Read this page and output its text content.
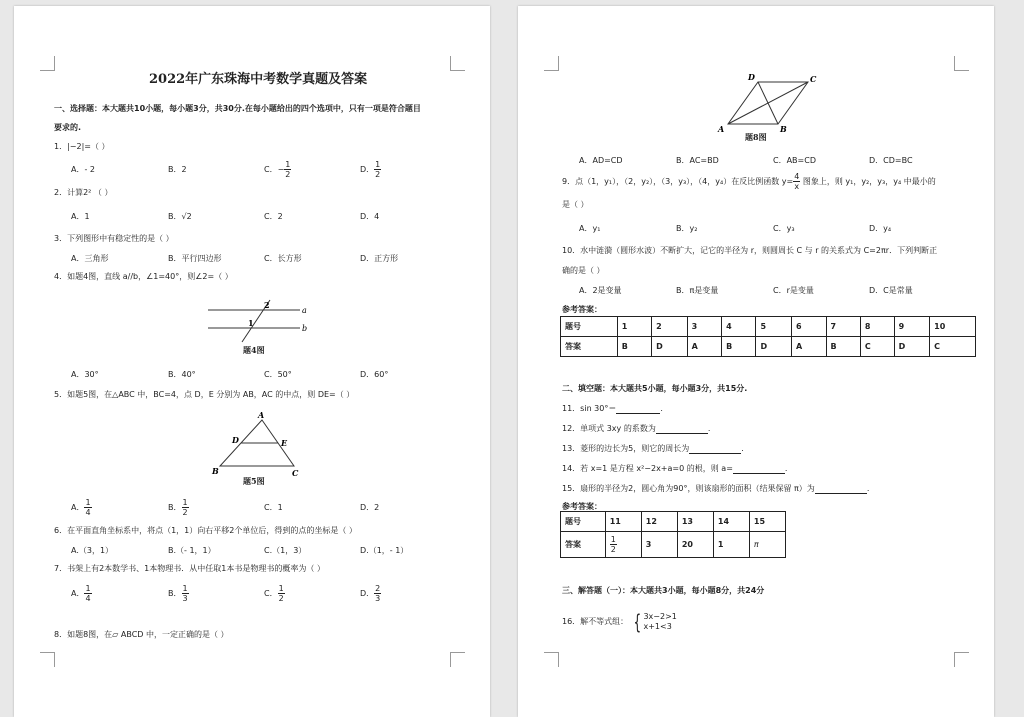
2022年广东珠海中考数学真题及答案
一、选择题：本大题共10小题，每小题3分，共30分.在每小题给出的四个选项中，只有一项是符合题目
要求的.
1．|−2|=（ ）
A．- 2	B．2	C．− $\frac{1}{2}$	D． $\frac{1}{2}$
2．计算2² （ ）
A．1	B．√2	C．2	D．4
3．下列图形中有稳定性的是（ ）
A．三角形	B．平行四边形	C．长方形	D．正方形
4．如题4图，直线 a//b，∠1=40°，则∠2=（ ）
2
1
a
b
题4图
A．30°	B．40°	C．50°	D．60°
5．如题5图，在△ABC 中，BC=4，点 D，E 分别为 AB，AC 的中点，则 DE=（ ）
A
B	C
D	E
题5图
A． $\frac{1}{4}$	B． $\frac{1}{2}$	C．1	D．2
6．在平面直角坐标系中，将点（1，1）向右平移2个单位后，得到的点的坐标是（ ）
A.（3，1）	B.（- 1，1）	C.（1，3）	D.（1，- 1）
7．书架上有2本数学书、1本物理书．从中任取1本书是物理书的概率为（ ）
A． $\frac{1}{4}$	B． $\frac{1}{3}$	C． $\frac{1}{2}$	D． $\frac{2}{3}$
8．如题8图，在▱ ABCD 中，一定正确的是（ ）
A	B
C
D
题8图
A．AD=CD	B．AC=BD	C．AB=CD	D．CD=BC
9．点（1，y₁），（2，y₂），（3，y₃），（4，y₄）在反比例函数 $y= \frac{4}{x}$ 图象上，则 y₁，y₂，y₃，y₄ 中最小的
是（ ）
A．y₁	B．y₂	C．y₃	D．y₄
10．水中涟漪（圆形水波）不断扩大，记它的半径为 r，则圆周长 C 与 r 的关系式为 C=2πr．下列判断正
确的是（ ）
A．2是变量	B．π是变量	C．r是变量	D．C是常量
参考答案：
题号	1	2	3	4	5	6	7	8	9	10
答案	B	D	A	B	D	A	B	C	D	C
二、填空题：本大题共5小题，每小题3分，共15分.
11．sin 30°＝	.
12．单项式 3xy 的系数为	.
13．菱形的边长为5，则它的周长为	.
14．若 x=1 是方程 x²−2x+a=0 的根，则 a=	.
15．扇形的半径为2，圆心角为90°，则该扇形的面积（结果保留 π）为	.
参考答案：
题号	11	12	13	14	15
答案	$\frac{1}{2}$	3	20	1	π
三、解答题（一）：本大题共3小题，每小题8分，共24分
16．解不等式组： { 3x−2>1
x+1<3
